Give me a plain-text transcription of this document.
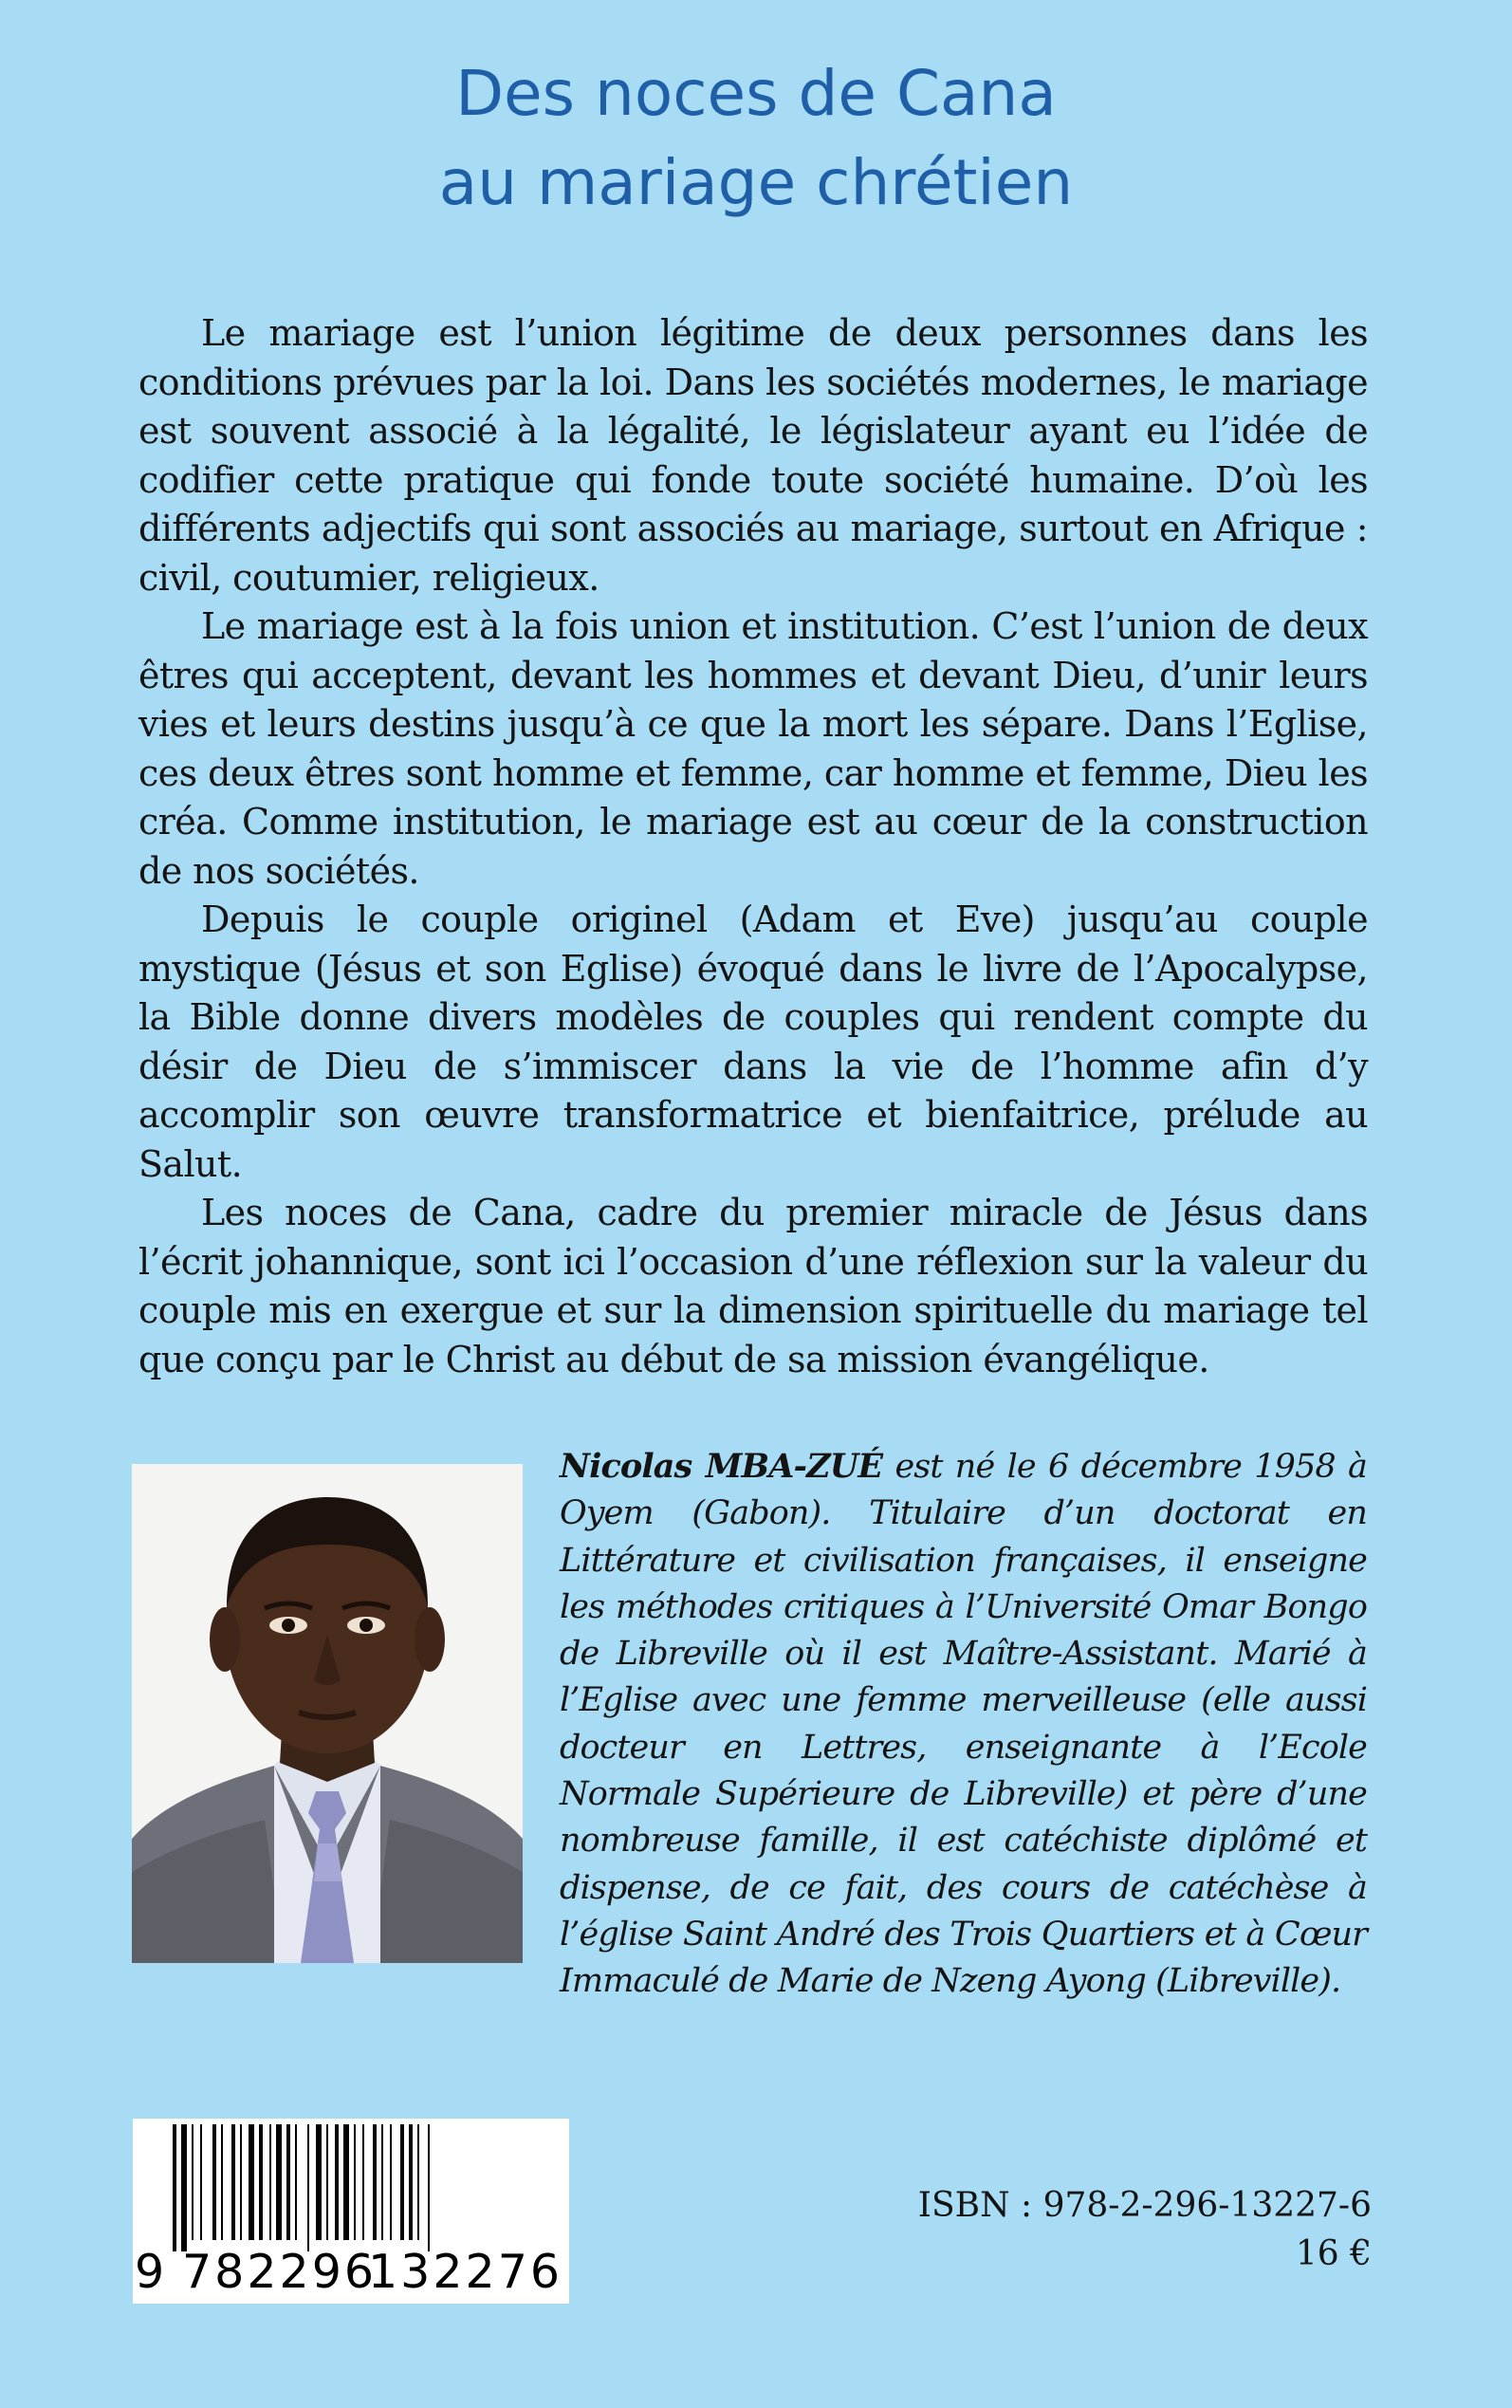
Des noces de Cana
au mariage chrétien

Le mariage est l’union légitime de deux personnes dans les conditions prévues par la loi. Dans les sociétés modernes, le mariage est souvent associé à la légalité, le législateur ayant eu l’idée de codifier cette pratique qui fonde toute société humaine. D’où les différents adjectifs qui sont associés au mariage, surtout en Afrique : civil, coutumier, religieux.

Le mariage est à la fois union et institution. C’est l’union de deux êtres qui acceptent, devant les hommes et devant Dieu, d’unir leurs vies et leurs destins jusqu’à ce que la mort les sépare. Dans l’Eglise, ces deux êtres sont homme et femme, car homme et femme, Dieu les créa. Comme institution, le mariage est au cœur de la construction de nos sociétés.

Depuis le couple originel (Adam et Eve) jusqu’au couple mystique (Jésus et son Eglise) évoqué dans le livre de l’Apocalypse, la Bible donne divers modèles de couples qui rendent compte du désir de Dieu de s’immiscer dans la vie de l’homme afin d’y accomplir son œuvre transformatrice et bienfaitrice, prélude au Salut.

Les noces de Cana, cadre du premier miracle de Jésus dans l’écrit johannique, sont ici l’occasion d’une réflexion sur la valeur du couple mis en exergue et sur la dimension spirituelle du mariage tel que conçu par le Christ au début de sa mission évangélique.

Nicolas MBA-ZUÉ est né le 6 décembre 1958 à Oyem (Gabon). Titulaire d’un doctorat en Littérature et civilisation françaises, il enseigne les méthodes critiques à l’Université Omar Bongo de Libreville où il est Maître-Assistant. Marié à l’Eglise avec une femme merveilleuse (elle aussi docteur en Lettres, enseignante à l’Ecole Normale Supérieure de Libreville) et père d’une nombreuse famille, il est catéchiste diplômé et dispense, de ce fait, des cours de catéchèse à l’église Saint André des Trois Quartiers et à Cœur Immaculé de Marie de Nzeng Ayong (Libreville).

9 782296
132276
ISBN : 978-2-296-13227-6
16 €
